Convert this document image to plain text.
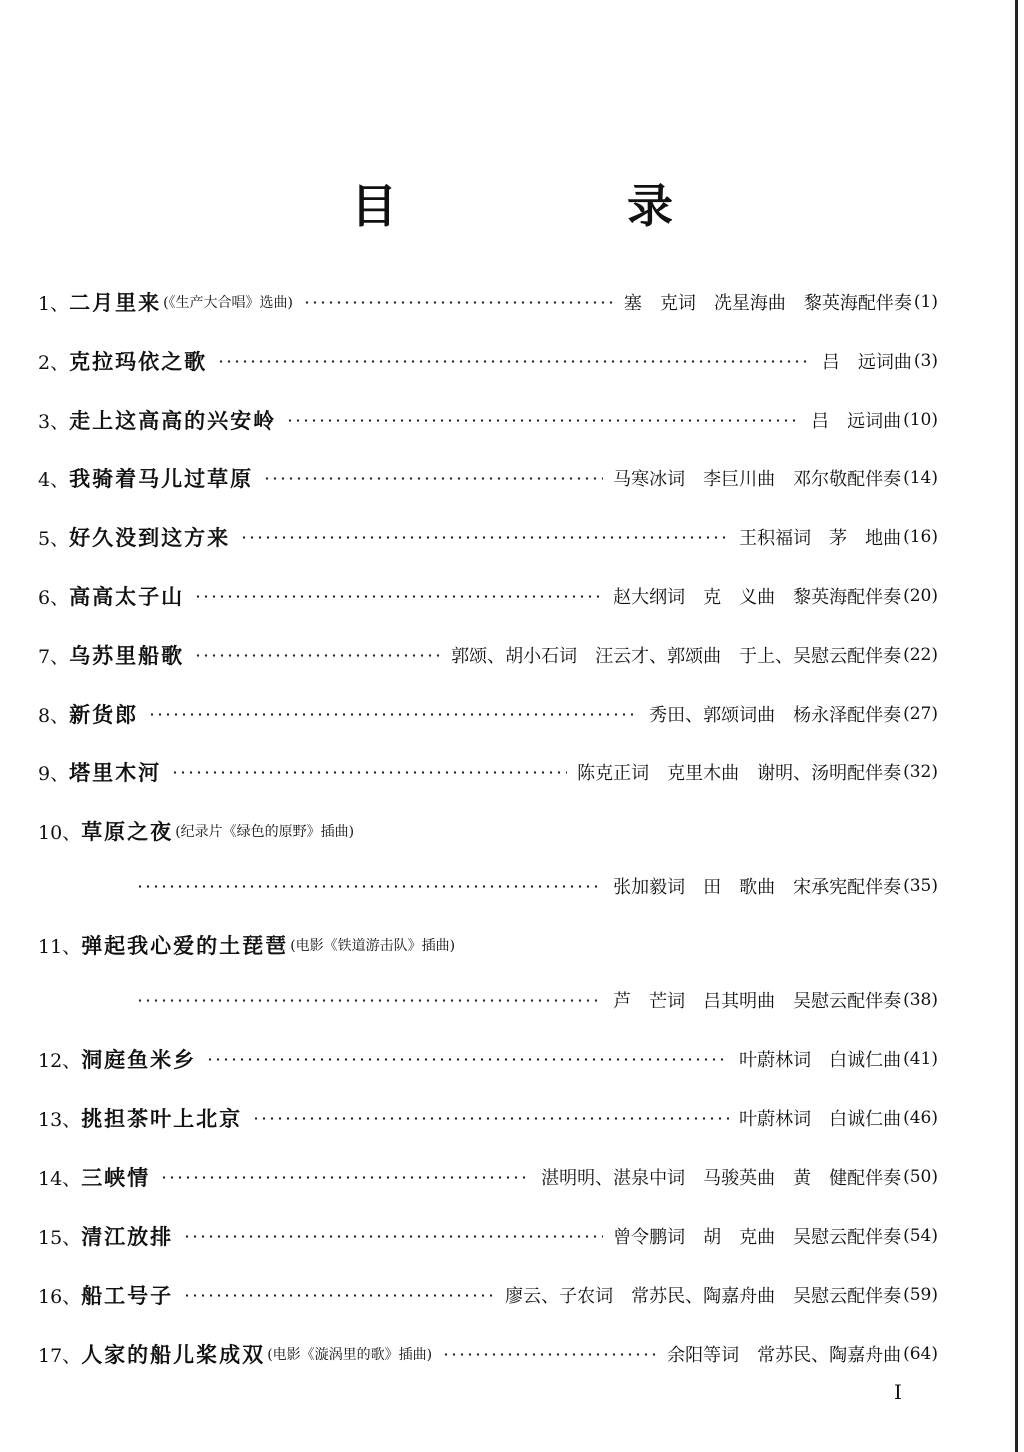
目　录
1、 二月里来 (《生产大合唱》选曲)	塞　克词　冼星海曲　黎英海配伴奏 (1)
2、 克拉玛依之歌	吕　远词曲 (3)
3、 走上这高高的兴安岭	吕　远词曲 (10)
4、 我骑着马儿过草原	马寒冰词　李巨川曲　邓尔敬配伴奏 (14)
5、 好久没到这方来	王积福词　茅　地曲 (16)
6、 高高太子山	赵大纲词　克　义曲　黎英海配伴奏 (20)
7、 乌苏里船歌	郭颂、胡小石词　汪云才、郭颂曲　于上、吴慰云配伴奏 (22)
8、 新货郎	秀田、郭颂词曲　杨永泽配伴奏 (27)
9、 塔里木河	陈克正词　克里木曲　谢明、汤明配伴奏 (32)
10、 草原之夜 (纪录片《绿色的原野》插曲)
张加毅词　田　歌曲　宋承宪配伴奏 (35)
11、 弹起我心爱的土琵琶 (电影《铁道游击队》插曲)
芦　芒词　吕其明曲　吴慰云配伴奏 (38)
12、 洞庭鱼米乡	叶蔚林词　白诚仁曲 (41)
13、 挑担茶叶上北京	叶蔚林词　白诚仁曲 (46)
14、 三峡情	湛明明、湛泉中词　马骏英曲　黄　健配伴奏 (50)
15、 清江放排	曾令鹏词　胡　克曲　吴慰云配伴奏 (54)
16、 船工号子	廖云、子农词　常苏民、陶嘉舟曲　吴慰云配伴奏 (59)
17、 人家的船儿桨成双 (电影《漩涡里的歌》插曲)	余阳等词　常苏民、陶嘉舟曲 (64)
I
